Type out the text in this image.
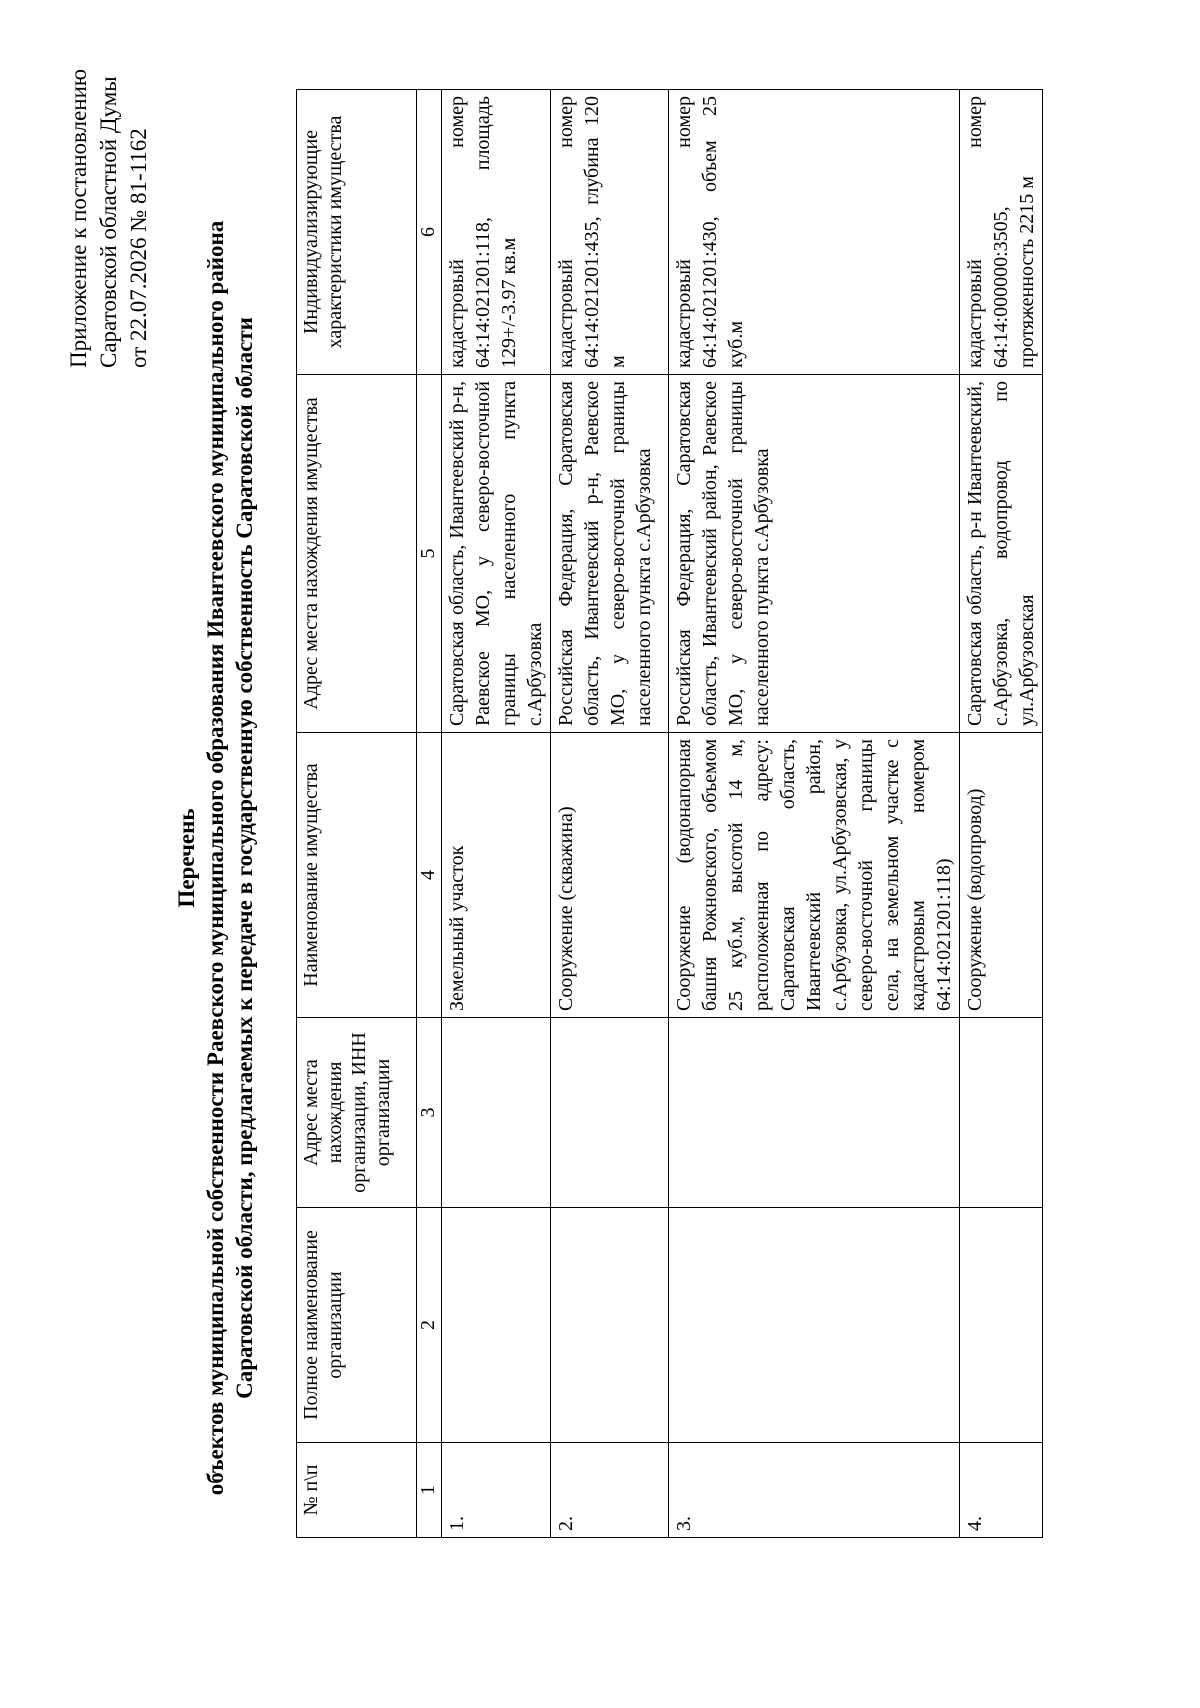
Приложение к постановлению Саратовской областной Думы от 22.07.2026 № 81-1162
Перечень объектов муниципальной собственности Раевского муниципального образования Ивантеевского муниципального района Саратовской области, предлагаемых к передаче в государственную собственность Саратовской области
№ п\п	Полное наименование организации	Адрес места нахождения организации, ИНН организации	Наименование имущества	Адрес места нахождения имущества	Индивидуализирующие характеристики имущества
1	2	3	4	5	6
1.			Земельный участок	Саратовская область, Ивантеевский р-н, Раевское МО, у северо-восточной границы населенного пункта с.Арбузовка	кадастровый номер 64:14:021201:118, площадь 129+/-3.97 кв.м
2.			Сооружение (скважина)	Российская Федерация, Саратовская область, Ивантеевский р-н, Раевское МО, у северо-восточной границы населенного пункта с.Арбузовка	кадастровый номер 64:14:021201:435, глубина 120 м
3.			Сооружение (водонапорная башня Рожновского, объемом 25 куб.м, высотой 14 м, расположенная по адресу: Саратовская область, Ивантеевский район, с.Арбузовка, ул.Арбузовская, у северо-восточной границы села, на земельном участке с кадастровым номером 64:14:021201:118)	Российская Федерация, Саратовская область, Ивантеевский район, Раевское МО, у северо-восточной границы населенного пункта с.Арбузовка	кадастровый номер 64:14:021201:430, объем 25 куб.м
4.			Сооружение (водопровод)	Саратовская область, р-н Ивантеевский, с.Арбузовка, водопровод по ул.Арбузовская	кадастровый номер 64:14:000000:3505, протяженность 2215 м
